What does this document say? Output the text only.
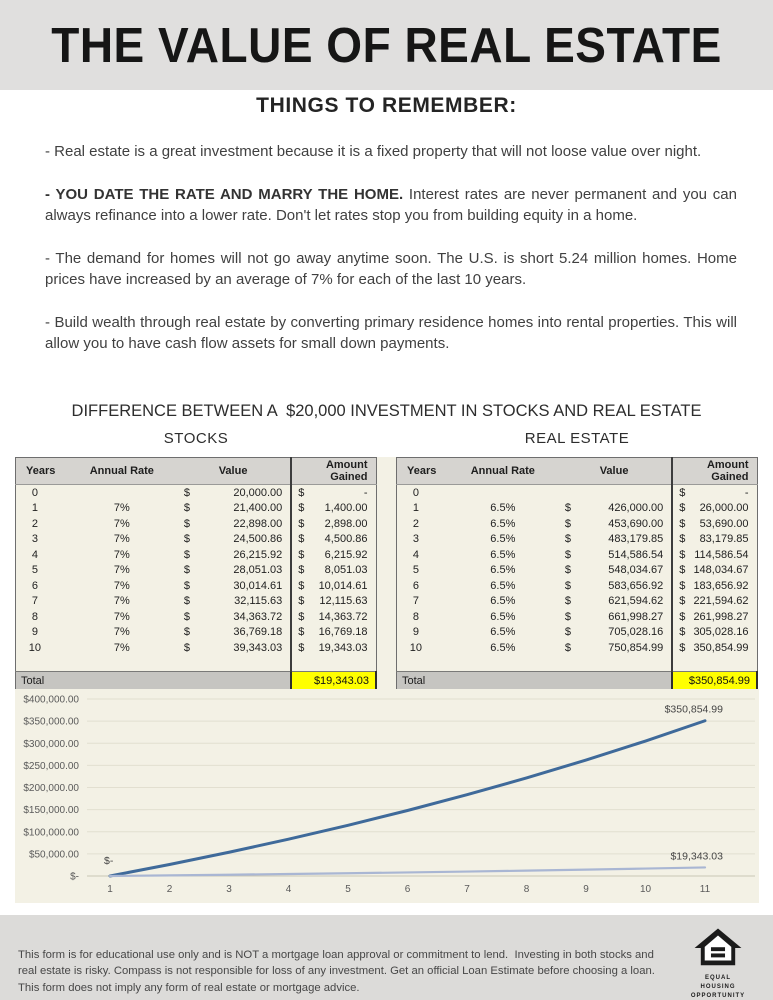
THE VALUE OF REAL ESTATE
THINGS TO REMEMBER:

- Real estate is a great investment because it is a fixed property that will not loose value over night.

- YOU DATE THE RATE AND MARRY THE HOME. Interest rates are never permanent and you can always refinance into a lower rate. Don't let rates stop you from building equity in a home.

- The demand for homes will not go away anytime soon. The U.S. is short 5.24 million homes. Home prices have increased by an average of 7% for each of the last 10 years.

- Build wealth through real estate by converting primary residence homes into rental properties. This will allow you to have cash flow assets for small down payments.

DIFFERENCE BETWEEN A  $20,000 INVESTMENT IN STOCKS AND REAL ESTATE
STOCKS	REAL ESTATE
Years	Annual Rate	Value	Amount Gained
0		$ 20,000.00	$ -
1	7%	$ 21,400.00	$ 1,400.00
2	7%	$ 22,898.00	$ 2,898.00
3	7%	$ 24,500.86	$ 4,500.86
4	7%	$ 26,215.92	$ 6,215.92
5	7%	$ 28,051.03	$ 8,051.03
6	7%	$ 30,014.61	$ 10,014.61
7	7%	$ 32,115.63	$ 12,115.63
8	7%	$ 34,363.72	$ 14,363.72
9	7%	$ 36,769.18	$ 16,769.18
10	7%	$ 39,343.03	$ 19,343.03

Total			$19,343.03
Years	Annual Rate	Value	Amount Gained
0			$ -
1	6.5%	$ 426,000.00	$ 26,000.00
2	6.5%	$ 453,690.00	$ 53,690.00
3	6.5%	$ 483,179.85	$ 83,179.85
4	6.5%	$ 514,586.54	$ 114,586.54
5	6.5%	$ 548,034.67	$ 148,034.67
6	6.5%	$ 583,656.92	$ 183,656.92
7	6.5%	$ 621,594.62	$ 221,594.62
8	6.5%	$ 661,998.27	$ 261,998.27
9	6.5%	$ 705,028.16	$ 305,028.16
10	6.5%	$ 750,854.99	$ 350,854.99

Total			$350,854.99
$-
$50,000.00
$100,000.00
$150,000.00
$200,000.00
$250,000.00
$300,000.00
$350,000.00
$400,000.00
1	2	3	4	5	6	7	8	9	10	11
$350,854.99
$19,343.03
$-
This form is for educational use only and is NOT a mortgage loan approval or commitment to lend.  Investing in both stocks and real estate is risky. Compass is not responsible for loss of any investment. Get an official Loan Estimate before choosing a loan.   This form does not imply any form of real estate or mortgage advice.
EQUAL HOUSING
OPPORTUNITY
